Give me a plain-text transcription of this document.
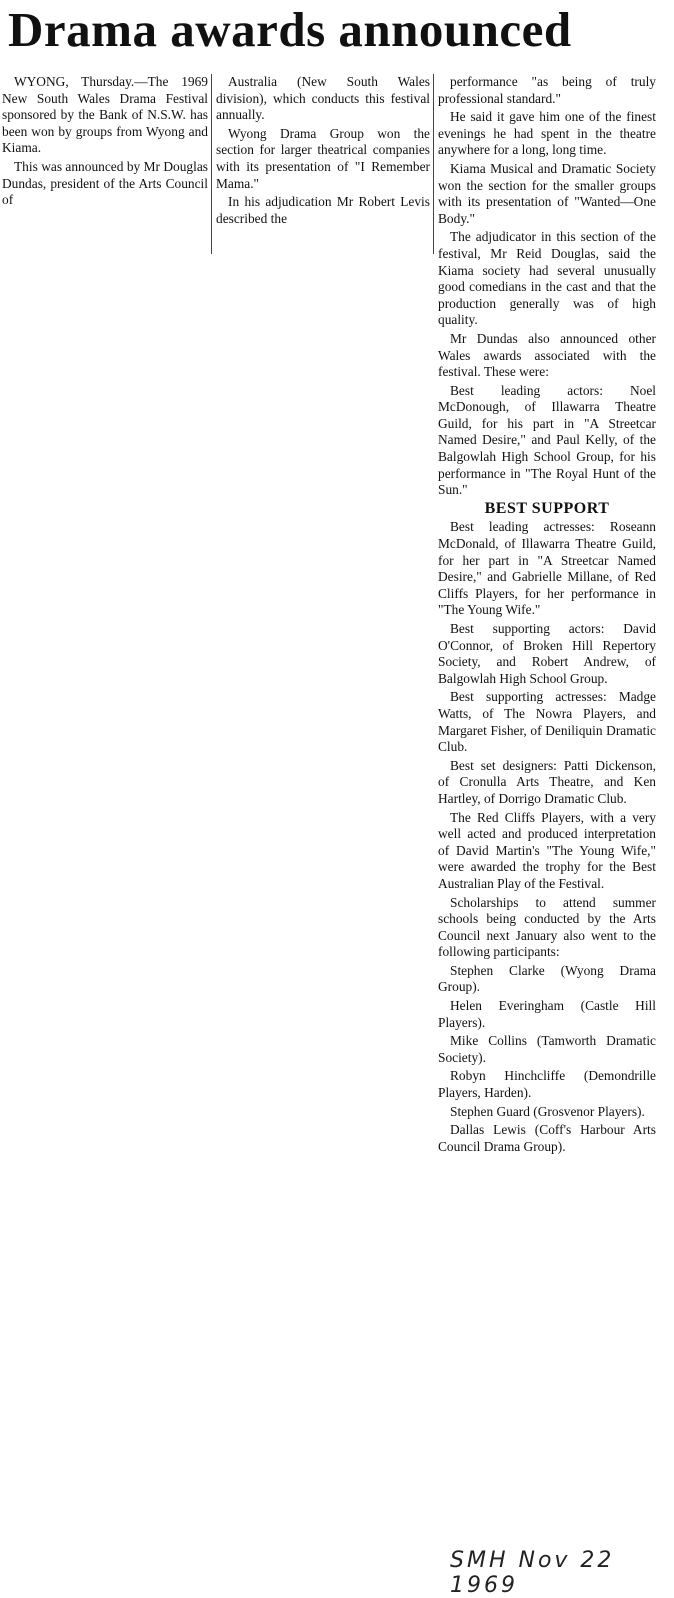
Drama awards announced

WYONG, Thursday.—The 1969 New South Wales Drama Festival sponsored by the Bank of N.S.W. has been won by groups from Wyong and Kiama.

This was announced by Mr Douglas Dundas, president of the Arts Council of

Australia (New South Wales division), which conducts this festival annually.

Wyong Drama Group won the section for larger theatrical companies with its presentation of "I Remember Mama."

In his adjudication Mr Robert Levis described the

performance "as being of truly professional standard."

He said it gave him one of the finest evenings he had spent in the theatre anywhere for a long, long time.

Kiama Musical and Dramatic Society won the section for the smaller groups with its presentation of "Wanted—One Body."

The adjudicator in this section of the festival, Mr Reid Douglas, said the Kiama society had several unusually good comedians in the cast and that the production generally was of high quality.

Mr Dundas also announced other Wales awards associated with the festival. These were:

Best leading actors: Noel McDonough, of Illawarra Theatre Guild, for his part in "A Streetcar Named Desire," and Paul Kelly, of the Balgowlah High School Group, for his performance in "The Royal Hunt of the Sun."

BEST SUPPORT

Best leading actresses: Roseann McDonald, of Illawarra Theatre Guild, for her part in "A Streetcar Named Desire," and Gabrielle Millane, of Red Cliffs Players, for her performance in "The Young Wife."

Best supporting actors: David O'Connor, of Broken Hill Repertory Society, and Robert Andrew, of Balgowlah High School Group.

Best supporting actresses: Madge Watts, of The Nowra Players, and Margaret Fisher, of Deniliquin Dramatic Club.

Best set designers: Patti Dickenson, of Cronulla Arts Theatre, and Ken Hartley, of Dorrigo Dramatic Club.

The Red Cliffs Players, with a very well acted and produced interpretation of David Martin's "The Young Wife," were awarded the trophy for the Best Australian Play of the Festival.

Scholarships to attend summer schools being conducted by the Arts Council next January also went to the following participants:

Stephen Clarke (Wyong Drama Group).

Helen Everingham (Castle Hill Players).

Mike Collins (Tamworth Dramatic Society).

Robyn Hinchcliffe (Demondrille Players, Harden).

Stephen Guard (Grosvenor Players).

Dallas Lewis (Coff's Harbour Arts Council Drama Group).

SMH Nov 22 1969
